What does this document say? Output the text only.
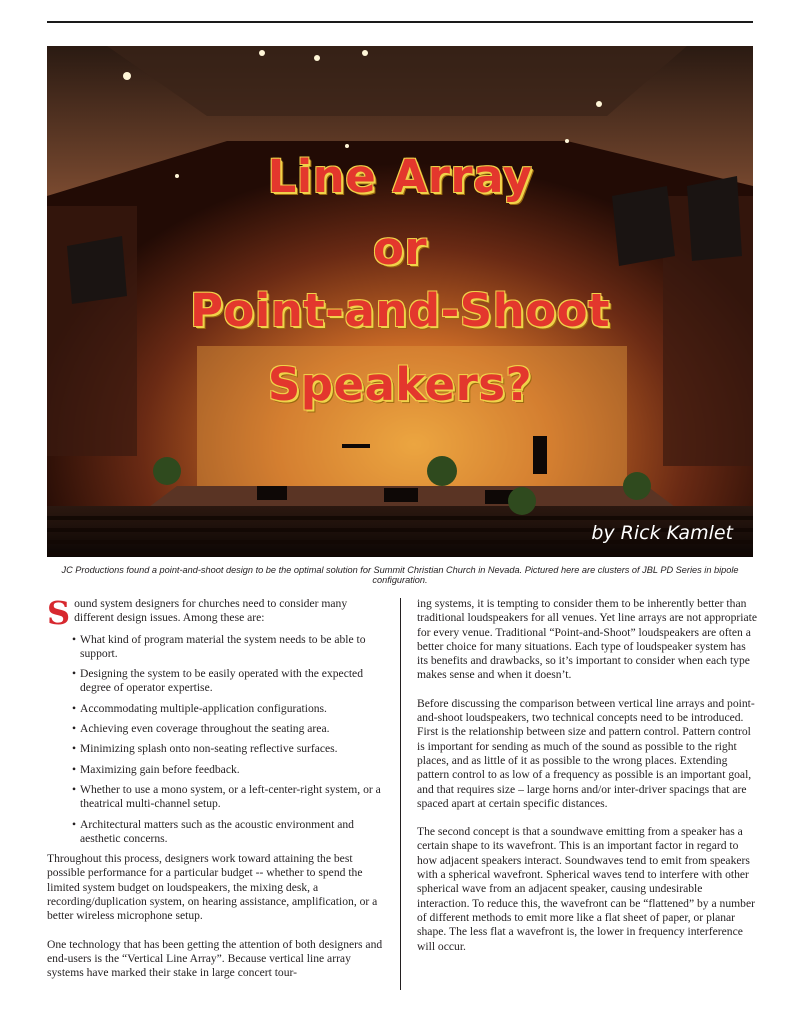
Line Array
or
Point-and-Shoot
Speakers?
by Rick Kamlet
JC Productions found a point-and-shoot design to be the optimal solution for Summit Christian Church in Nevada. Pictured here are clusters of JBL PD Series in bipole configuration.

Sound system designers for churches need to consider many different design issues. Among these are:

• What kind of program material the system needs to be able to support.
• Designing the system to be easily operated with the expected degree of operator expertise.
• Accommodating multiple-application configurations.
• Achieving even coverage throughout the seating area.
• Minimizing splash onto non-seating reflective surfaces.
• Maximizing gain before feedback.
• Whether to use a mono system, or a left-center-right system, or a theatrical multi-channel setup.
• Architectural matters such as the acoustic environment and aesthetic concerns.

Throughout this process, designers work toward attaining the best possible performance for a particular budget -- whether to spend the limited system budget on loudspeakers, the mixing desk, a recording/duplication system, on hearing assistance, amplification, or a better wireless microphone setup.

One technology that has been getting the attention of both designers and end-users is the “Vertical Line Array”. Because vertical line array systems have marked their stake in large concert tour-

ing systems, it is tempting to consider them to be inherently better than traditional loudspeakers for all venues. Yet line arrays are not appropriate for every venue. Traditional “Point-and-Shoot” loudspeakers are often a better choice for many situations. Each type of loudspeaker system has its benefits and drawbacks, so it’s important to consider when each type makes sense and when it doesn’t.

Before discussing the comparison between vertical line arrays and point-and-shoot loudspeakers, two technical concepts need to be introduced. First is the relationship between size and pattern control. Pattern control is important for sending as much of the sound as possible to the right places, and as little of it as possible to the wrong places. Extending pattern control to as low of a frequency as possible is an important goal, and that requires size – large horns and/or inter-driver spacings that are spaced apart at certain specific distances.

The second concept is that a soundwave emitting from a speaker has a certain shape to its wavefront. This is an important factor in regard to how adjacent speakers interact. Soundwaves tend to emit from speakers with a spherical wavefront. Spherical waves tend to interfere with other spherical wave from an adjacent speaker, causing undesirable interaction. To reduce this, the wavefront can be “flattened” by a number of different methods to emit more like a flat sheet of paper, or planar shape. The less flat a wavefront is, the lower in frequency interference will occur.
